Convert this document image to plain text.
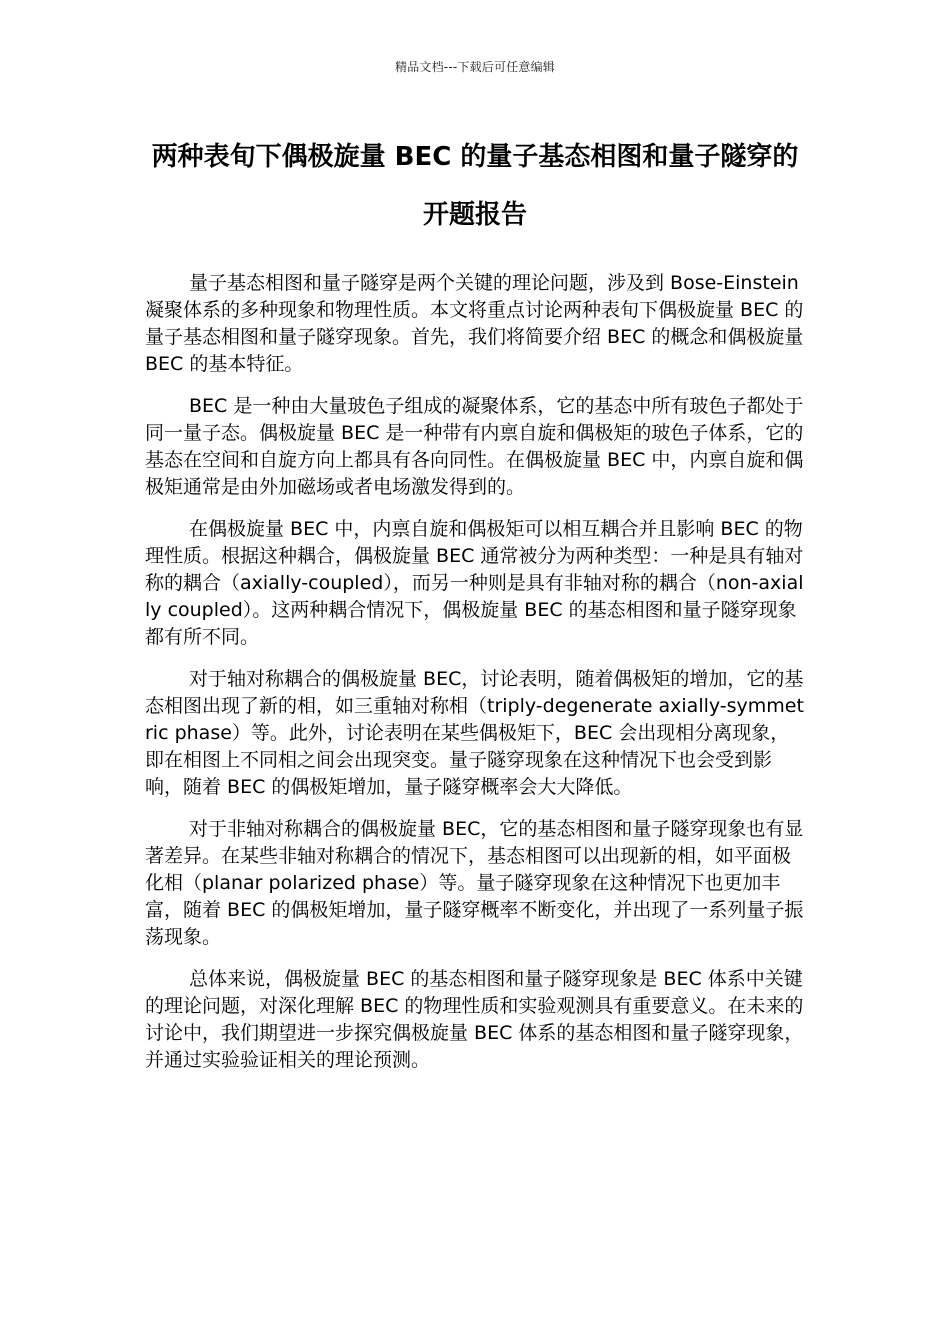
精品文档---下载后可任意编辑
两种表旬下偶极旋量 BEC 的量子基态相图和量子隧穿的开题报告

量子基态相图和量子隧穿是两个关键的理论问题，涉及到 Bose-Einstein 凝聚体系的多种现象和物理性质。本文将重点讨论两种表旬下偶极旋量 BEC 的量子基态相图和量子隧穿现象。首先，我们将简要介绍 BEC 的概念和偶极旋量 BEC 的基本特征。

BEC 是一种由大量玻色子组成的凝聚体系，它的基态中所有玻色子都处于同一量子态。偶极旋量 BEC 是一种带有内禀自旋和偶极矩的玻色子体系，它的基态在空间和自旋方向上都具有各向同性。在偶极旋量 BEC 中，内禀自旋和偶极矩通常是由外加磁场或者电场激发得到的。

在偶极旋量 BEC 中，内禀自旋和偶极矩可以相互耦合并且影响 BEC 的物理性质。根据这种耦合，偶极旋量 BEC 通常被分为两种类型：一种是具有轴对称的耦合（axially-coupled），而另一种则是具有非轴对称的耦合（non-axially coupled）。这两种耦合情况下，偶极旋量 BEC 的基态相图和量子隧穿现象都有所不同。

对于轴对称耦合的偶极旋量 BEC，讨论表明，随着偶极矩的增加，它的基态相图出现了新的相，如三重轴对称相（triply-degenerate axially-symmetric phase）等。此外，讨论表明在某些偶极矩下，BEC 会出现相分离现象，即在相图上不同相之间会出现突变。量子隧穿现象在这种情况下也会受到影响，随着 BEC 的偶极矩增加，量子隧穿概率会大大降低。

对于非轴对称耦合的偶极旋量 BEC，它的基态相图和量子隧穿现象也有显著差异。在某些非轴对称耦合的情况下，基态相图可以出现新的相，如平面极化相（planar polarized phase）等。量子隧穿现象在这种情况下也更加丰富，随着 BEC 的偶极矩增加，量子隧穿概率不断变化，并出现了一系列量子振荡现象。

总体来说，偶极旋量 BEC 的基态相图和量子隧穿现象是 BEC 体系中关键的理论问题，对深化理解 BEC 的物理性质和实验观测具有重要意义。在未来的讨论中，我们期望进一步探究偶极旋量 BEC 体系的基态相图和量子隧穿现象，并通过实验验证相关的理论预测。
